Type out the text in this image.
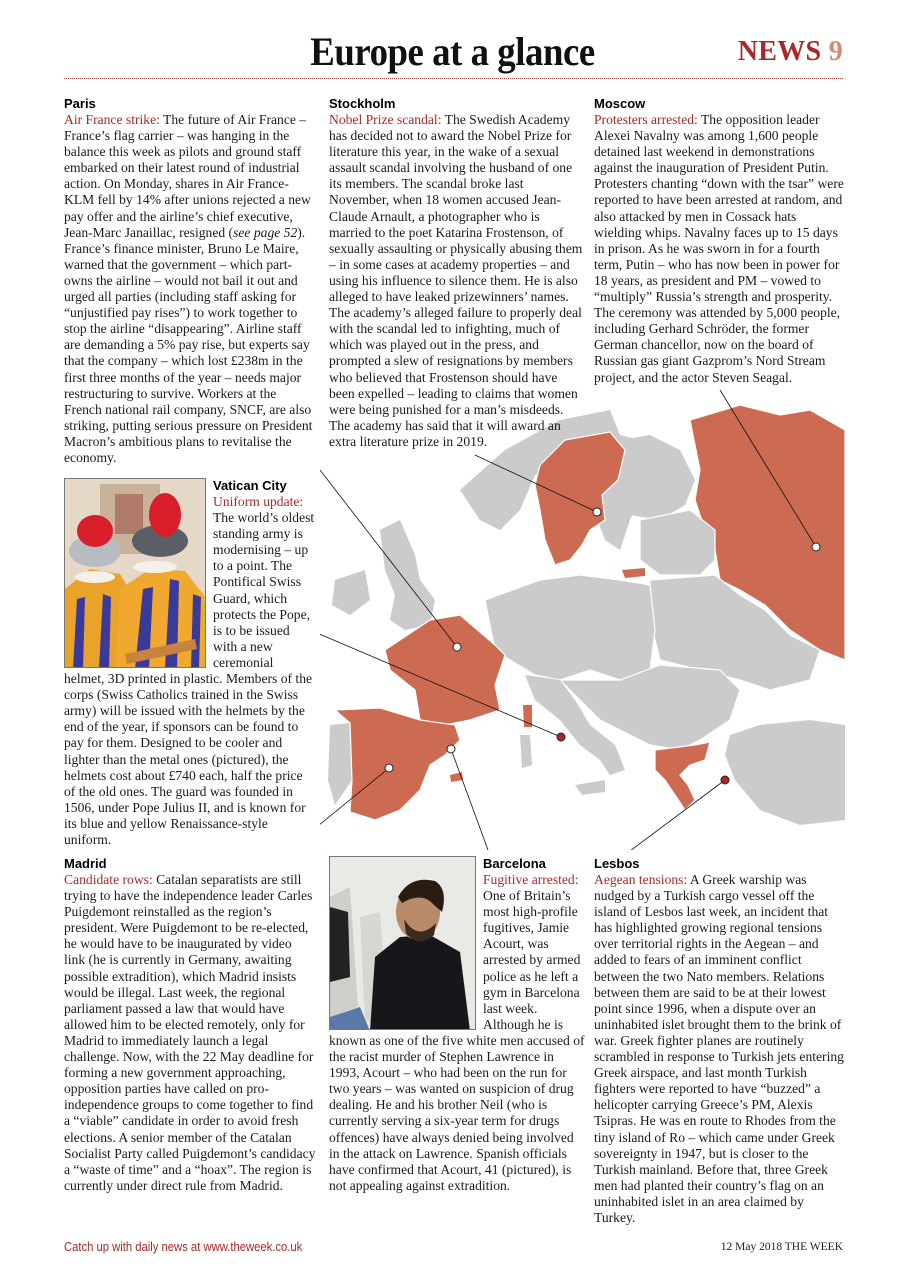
Europe at a glance	NEWS 9
Paris

Air France strike: The future of Air France – France’s flag carrier – was hanging in the balance this week as pilots and ground staff embarked on their latest round of industrial action. On Monday, shares in Air France-KLM fell by 14% after unions rejected a new pay offer and the airline’s chief executive, Jean-Marc Janaillac, resigned (see page 52). France’s finance minister, Bruno Le Maire, warned that the government – which part-owns the airline – would not bail it out and urged all parties (including staff asking for “unjustified pay rises”) to work together to stop the airline “disappearing”. Airline staff are demanding a 5% pay rise, but experts say that the company – which lost £238m in the first three months of the year – needs major restructuring to survive. Workers at the French national rail company, SNCF, are also striking, putting serious pressure on President Macron’s ambitious plans to revitalise the economy.

Stockholm

Nobel Prize scandal: The Swedish Academy has decided not to award the Nobel Prize for literature this year, in the wake of a sexual assault scandal involving the husband of one its members. The scandal broke last November, when 18 women accused Jean-Claude Arnault, a photographer who is married to the poet Katarina Frostenson, of sexually assaulting or physically abusing them – in some cases at academy properties – and using his influence to silence them. He is also alleged to have leaked prizewinners’ names. The academy’s alleged failure to properly deal with the scandal led to infighting, much of which was played out in the press, and prompted a slew of resignations by members who believed that Frostenson should have been expelled – leading to claims that women were being punished for a man’s misdeeds. The academy has said that it will award an extra literature prize in 2019.

Moscow

Protesters arrested: The opposition leader Alexei Navalny was among 1,600 people detained last weekend in demonstrations against the inauguration of President Putin. Protesters chanting “down with the tsar” were reported to have been arrested at random, and also attacked by men in Cossack hats wielding whips. Navalny faces up to 15 days in prison. As he was sworn in for a fourth term, Putin – who has now been in power for 18 years, as president and PM – vowed to “multiply” Russia’s strength and prosperity. The ceremony was attended by 5,000 people, including Gerhard Schröder, the former German chancellor, now on the board of Russian gas giant Gazprom’s Nord Stream project, and the actor Steven Seagal.

Vatican City

Uniform update: The world’s oldest standing army is modernising – up to a point. The Pontifical Swiss Guard, which protects the Pope, is to be issued with a new ceremonial helmet, 3D printed in plastic. Members of the corps (Swiss Catholics trained in the Swiss army) will be issued with the helmets by the end of the year, if sponsors can be found to pay for them. Designed to be cooler and lighter than the metal ones (pictured), the helmets cost about £740 each, half the price of the old ones. The guard was founded in 1506, under Pope Julius II, and is known for its blue and yellow Renaissance-style uniform.

Madrid

Candidate rows: Catalan separatists are still trying to have the independence leader Carles Puigdemont reinstalled as the region’s president. Were Puigdemont to be re-elected, he would have to be inaugurated by video link (he is currently in Germany, awaiting possible extradition), which Madrid insists would be illegal. Last week, the regional parliament passed a law that would have allowed him to be elected remotely, only for Madrid to immediately launch a legal challenge. Now, with the 22 May deadline for forming a new government approaching, opposition parties have called on pro-independence groups to come together to find a “viable” candidate in order to avoid fresh elections. A senior member of the Catalan Socialist Party called Puigdemont’s candidacy a “waste of time” and a “hoax”. The region is currently under direct rule from Madrid.

Barcelona

Fugitive arrested: One of Britain’s most high-profile fugitives, Jamie Acourt, was arrested by armed police as he left a gym in Barcelona last week. Although he is known as one of the five white men accused of the racist murder of Stephen Lawrence in 1993, Acourt – who had been on the run for two years – was wanted on suspicion of drug dealing. He and his brother Neil (who is currently serving a six-year term for drugs offences) have always denied being involved in the attack on Lawrence. Spanish officials have confirmed that Acourt, 41 (pictured), is not appealing against extradition.

Lesbos

Aegean tensions: A Greek warship was nudged by a Turkish cargo vessel off the island of Lesbos last week, an incident that has highlighted growing regional tensions over territorial rights in the Aegean – and added to fears of an imminent conflict between the two Nato members. Relations between them are said to be at their lowest point since 1996, when a dispute over an uninhabited islet brought them to the brink of war. Greek fighter planes are routinely scrambled in response to Turkish jets entering Greek airspace, and last month Turkish fighters were reported to have “buzzed” a helicopter carrying Greece’s PM, Alexis Tsipras. He was en route to Rhodes from the tiny island of Ro – which came under Greek sovereignty in 1947, but is closer to the Turkish mainland. Before that, three Greek men had planted their country’s flag on an uninhabited islet in an area claimed by Turkey.

Catch up with daily news at www.theweek.co.uk	12 May 2018 THE WEEK
